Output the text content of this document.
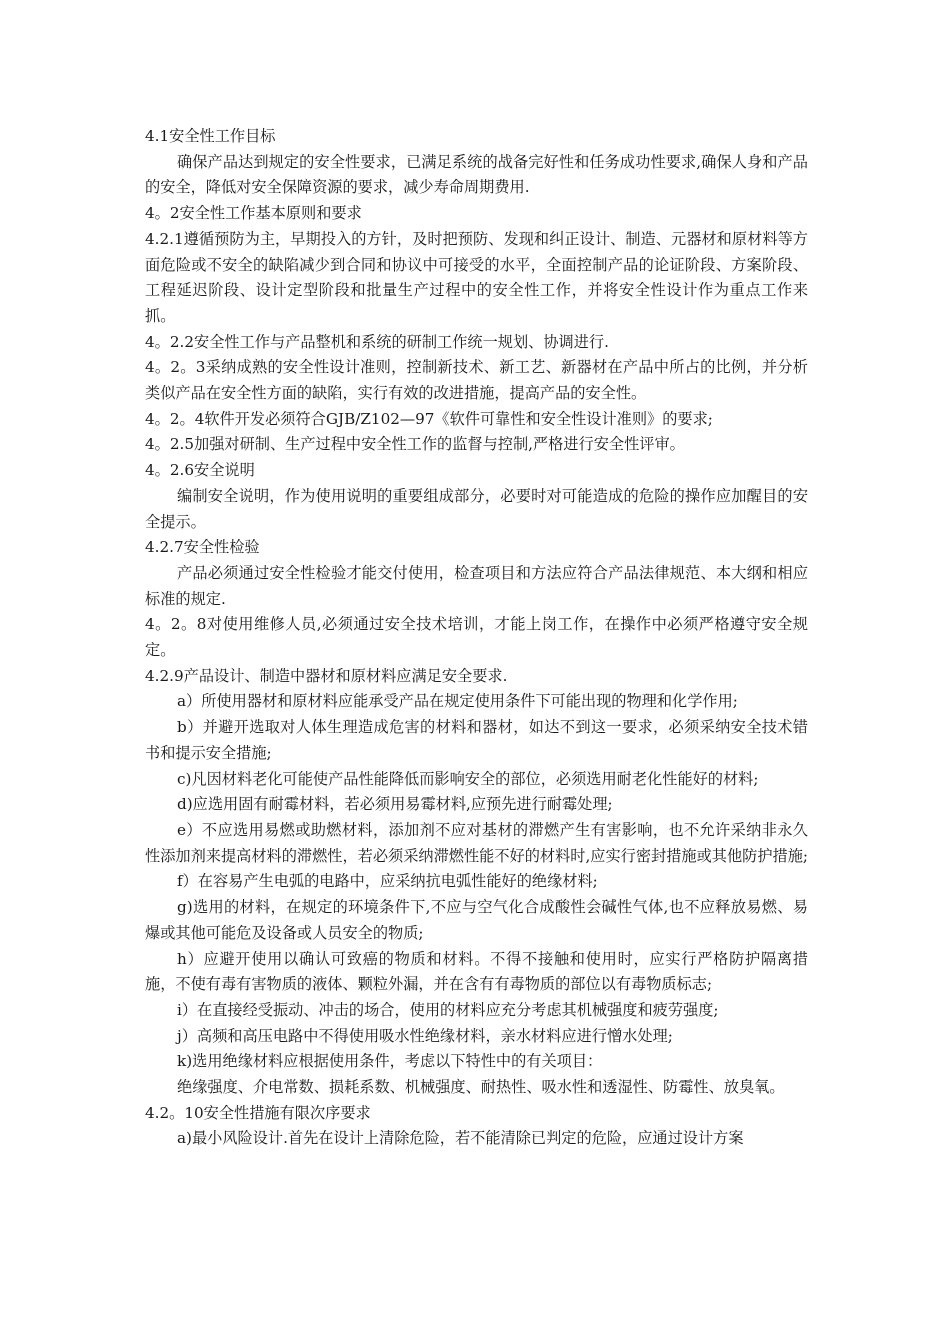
4.1安全性工作目标

确保产品达到规定的安全性要求，已满足系统的战备完好性和任务成功性要求,确保人身和产品的安全，降低对安全保障资源的要求，减少寿命周期费用.

4。2安全性工作基本原则和要求

4.2.1遵循预防为主，早期投入的方针，及时把预防、发现和纠正设计、制造、元器材和原材料等方面危险或不安全的缺陷减少到合同和协议中可接受的水平，全面控制产品的论证阶段、方案阶段、工程延迟阶段、设计定型阶段和批量生产过程中的安全性工作，并将安全性设计作为重点工作来抓。

4。2.2安全性工作与产品整机和系统的研制工作统一规划、协调进行.

4。2。3采纳成熟的安全性设计准则，控制新技术、新工艺、新器材在产品中所占的比例，并分析类似产品在安全性方面的缺陷，实行有效的改进措施，提高产品的安全性。

4。2。4软件开发必须符合GJB/Z102—97《软件可靠性和安全性设计准则》的要求;

4。2.5加强对研制、生产过程中安全性工作的监督与控制,严格进行安全性评审。

4。2.6安全说明

编制安全说明，作为使用说明的重要组成部分，必要时对可能造成的危险的操作应加醒目的安全提示。

4.2.7安全性检验

产品必须通过安全性检验才能交付使用，检查项目和方法应符合产品法律规范、本大纲和相应标准的规定.

4。2。8对使用维修人员,必须通过安全技术培训，才能上岗工作，在操作中必须严格遵守安全规定。

4.2.9产品设计、制造中器材和原材料应满足安全要求.

a）所使用器材和原材料应能承受产品在规定使用条件下可能出现的物理和化学作用;

b）并避开选取对人体生理造成危害的材料和器材，如达不到这一要求，必须采纳安全技术错书和提示安全措施;

c)凡因材料老化可能使产品性能降低而影响安全的部位，必须选用耐老化性能好的材料;

d)应选用固有耐霉材料，若必须用易霉材料,应预先进行耐霉处理;

e）不应选用易燃或助燃材料，添加剂不应对基材的滞燃产生有害影响，也不允许采纳非永久性添加剂来提高材料的滞燃性，若必须采纳滞燃性能不好的材料时,应实行密封措施或其他防护措施;

f）在容易产生电弧的电路中，应采纳抗电弧性能好的绝缘材料;

g)选用的材料，在规定的环境条件下,不应与空气化合成酸性会碱性气体,也不应释放易燃、易爆或其他可能危及设备或人员安全的物质;

h）应避开使用以确认可致癌的物质和材料。不得不接触和使用时，应实行严格防护隔离措施，不使有毒有害物质的液体、颗粒外漏，并在含有有毒物质的部位以有毒物质标志;

i）在直接经受振动、冲击的场合，使用的材料应充分考虑其机械强度和疲劳强度;

j）高频和高压电路中不得使用吸水性绝缘材料，亲水材料应进行憎水处理;

k)选用绝缘材料应根据使用条件，考虑以下特性中的有关项目：

绝缘强度、介电常数、损耗系数、机械强度、耐热性、吸水性和透湿性、防霉性、放臭氧。

4.2。10安全性措施有限次序要求

a)最小风险设计.首先在设计上清除危险，若不能清除已判定的危险，应通过设计方案
